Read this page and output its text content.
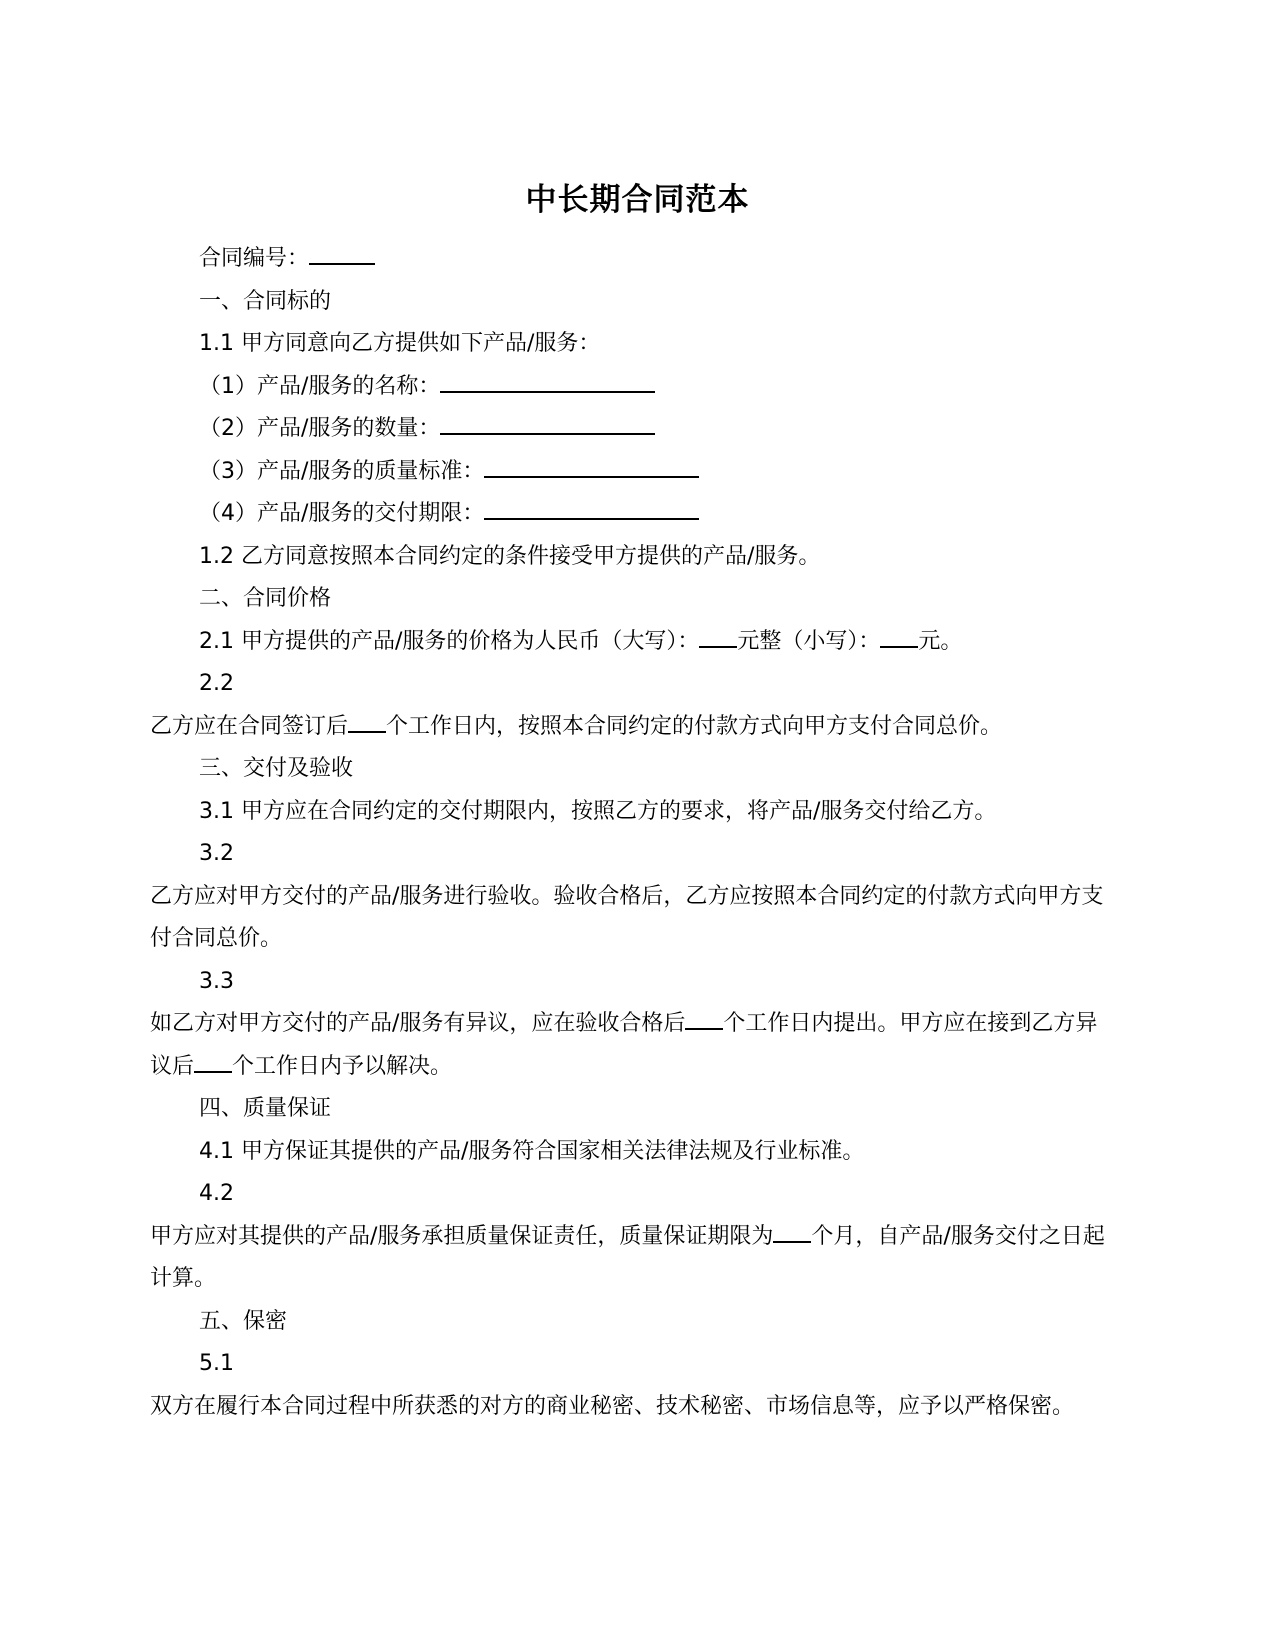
中长期合同范本

合同编号：

一、合同标的

1.1 甲方同意向乙方提供如下产品/服务：

（1）产品/服务的名称：

（2）产品/服务的数量：

（3）产品/服务的质量标准：

（4）产品/服务的交付期限：

1.2 乙方同意按照本合同约定的条件接受甲方提供的产品/服务。

二、合同价格

2.1 甲方提供的产品/服务的价格为人民币（大写）： 元整（小写）： 元。

2.2

乙方应在合同签订后 个工作日内，按照本合同约定的付款方式向甲方支付合同总价。

三、交付及验收

3.1 甲方应在合同约定的交付期限内，按照乙方的要求，将产品/服务交付给乙方。

3.2

乙方应对甲方交付的产品/服务进行验收。验收合格后，乙方应按照本合同约定的付款方式向甲方支付合同总价。

3.3

如乙方对甲方交付的产品/服务有异议，应在验收合格后 个工作日内提出。甲方应在接到乙方异议后 个工作日内予以解决。

四、质量保证

4.1 甲方保证其提供的产品/服务符合国家相关法律法规及行业标准。

4.2

甲方应对其提供的产品/服务承担质量保证责任，质量保证期限为 个月，自产品/服务交付之日起计算。

五、保密

5.1

双方在履行本合同过程中所获悉的对方的商业秘密、技术秘密、市场信息等，应予以严格保密。
